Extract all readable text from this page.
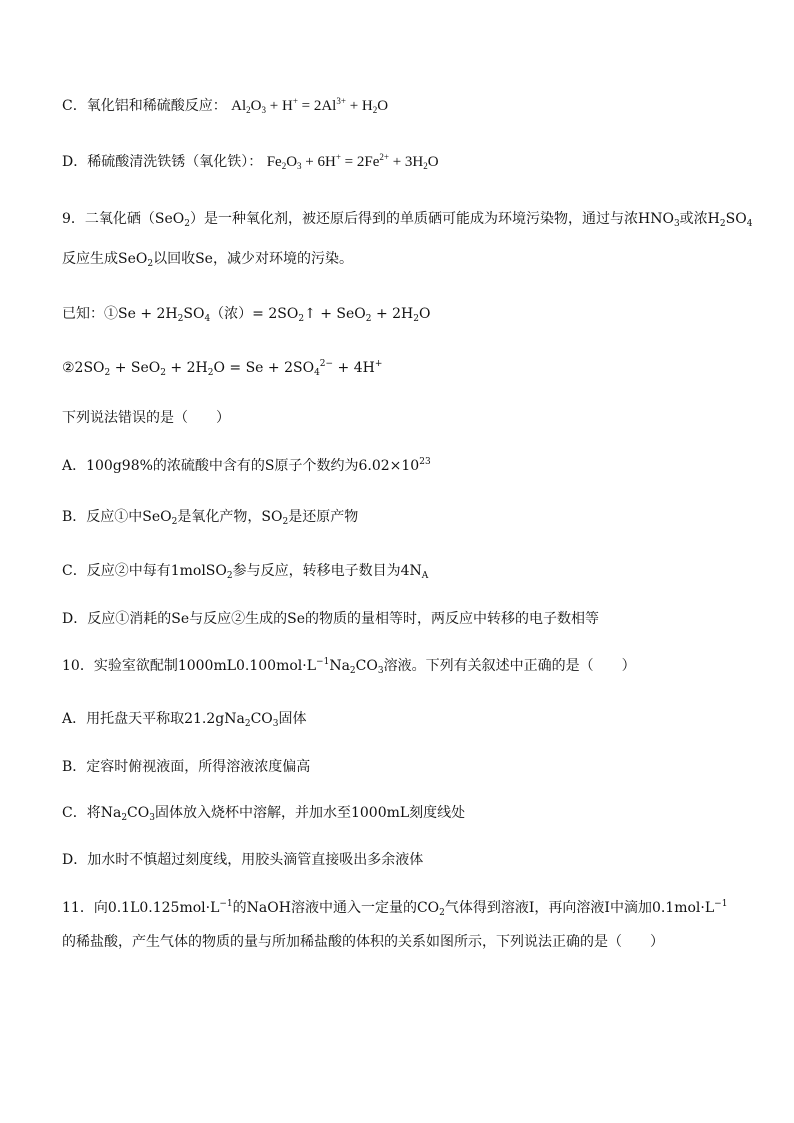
C．氧化铝和稀硫酸反应： $Al_2O_3 + H^+ = 2Al^{3+} + H_2O$
D．稀硫酸清洗铁锈（氧化铁）： $Fe_2O_3 + 6H^+ = 2Fe^{2+} + 3H_2O$
9．二氧化硒（SeO$_2$）是一种氧化剂，被还原后得到的单质硒可能成为环境污染物，通过与浓$HNO_3$或浓$H_2SO_4$
反应生成SeO$_2$以回收Se，减少对环境的污染。
已知：①Se + $2H_2SO_4$（浓）= $2SO_2↑ + SeO_2 + 2H_2O$
$②2SO_2 + SeO_2 + 2H_2O = Se + 2SO_4^{2-} + 4H^+$
下列说法错误的是（　　）
A．100g98%的浓硫酸中含有的S原子个数约为$6.02\times 10^{23}$
B．反应①中SeO$_2$是氧化产物，$SO_2$是还原产物
C．反应②中每有1molSO$_2$参与反应，转移电子数目为$4N_A$
D．反应①消耗的Se与反应②生成的Se的物质的量相等时，两反应中转移的电子数相等
10．实验室欲配制$1000mL0.100mol\cdot L^{-1}Na_2CO_3$溶液。下列有关叙述中正确的是（　　）
A．用托盘天平称取$21.2gNa_2CO_3$固体
B．定容时俯视液面，所得溶液浓度偏高
C．将$Na_2CO_3$固体放入烧杯中溶解，并加水至1000mL刻度线处
D．加水时不慎超过刻度线，用胶头滴管直接吸出多余液体
11．向$0.1L0.125mol\cdot L^{-1}$的NaOH溶液中通入一定量的$CO_2$气体得到溶液I，再向溶液I中滴加$0.1mol\cdot L^{-1}$
的稀盐酸，产生气体的物质的量与所加稀盐酸的体积的关系如图所示，下列说法正确的是（　　）
